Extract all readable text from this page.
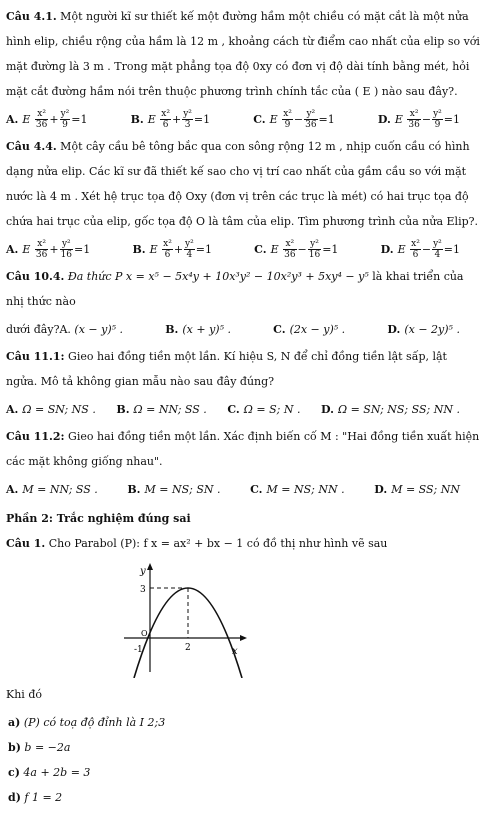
Câu 4.1. Một người kĩ sư thiết kế một đường hầm một chiều có mặt cắt là một nửa hình elip, chiều rộng của hầm là 12 m , khoảng cách từ điểm cao nhất của elip so với mặt đường là 3 m . Trong mặt phẳng tọa độ 0xy có đơn vị độ dài tính bằng mét, hỏi mặt cắt đường hầm nói trên thuộc phương trình chính tắc của ( E ) nào sau đây?.

A. E $\frac{\text{x²}}{36} + \frac{\text{y²}}{9} =1$	B. E $\frac{\text{x²}}{6} + \frac{\text{y²}}{3} =1$	C. E $\frac{\text{x²}}{9} - \frac{\text{y²}}{36} =1$	D. E $\frac{\text{x²}}{36} - \frac{\text{y²}}{9} =1$

Câu 4.4. Một cây cầu bê tông bắc qua con sông rộng 12 m , nhịp cuốn cầu có hình dạng nửa elip. Các kĩ sư đã thiết kế sao cho vị trí cao nhất của gầm cầu so với mặt nước là 4 m . Xét hệ trục tọa độ Oxy (đơn vị trên các trục là mét) có hai trục tọa độ chứa hai trục của elip, gốc tọa độ O là tâm của elip. Tìm phương trình của nửa Elip?.

A. E $\frac{\text{x²}}{36} + \frac{\text{y²}}{16} =1$	B. E $\frac{\text{x²}}{6} + \frac{\text{y²}}{4} =1$	C. E $\frac{\text{x²}}{36} - \frac{\text{y²}}{16} =1$	D. E $\frac{\text{x²}}{6} - \frac{\text{y²}}{4} =1$

Câu 10.4. Đa thức P x = x⁵ − 5x⁴y + 10x³y² − 10x²y³ + 5xy⁴ − y⁵ là khai triển của nhị thức nào

dưới đây?A. (x − y)⁵ .	B. (x + y)⁵ .	C. (2x − y)⁵ .	D. (x − 2y)⁵ .

Câu 11.1: Gieo hai đồng tiền một lần. Kí hiệu S, N để chỉ đồng tiền lật sấp, lật ngửa. Mô tả không gian mẫu nào sau đây đúng?

A. Ω = SN; NS . B. Ω = NN; SS . C. Ω = S; N . D. Ω = SN; NS; SS; NN .

Câu 11.2: Gieo hai đồng tiền một lần. Xác định biến cố M : "Hai đồng tiền xuất hiện các mặt không giống nhau".

A. M = NN; SS .	B. M = NS; SN .	C. M = NS; NN .	D. M = SS; NN
Phần 2: Trắc nghiệm đúng sai

Câu 1. Cho Parabol (P): f x = ax² + bx − 1 có đồ thị như hình vẽ sau

y
x
3
-1	2
O
Khi đó
a) (P) có toạ độ đỉnh là I 2;3
b) b = −2a
c) 4a + 2b = 3
d) f 1 = 2
